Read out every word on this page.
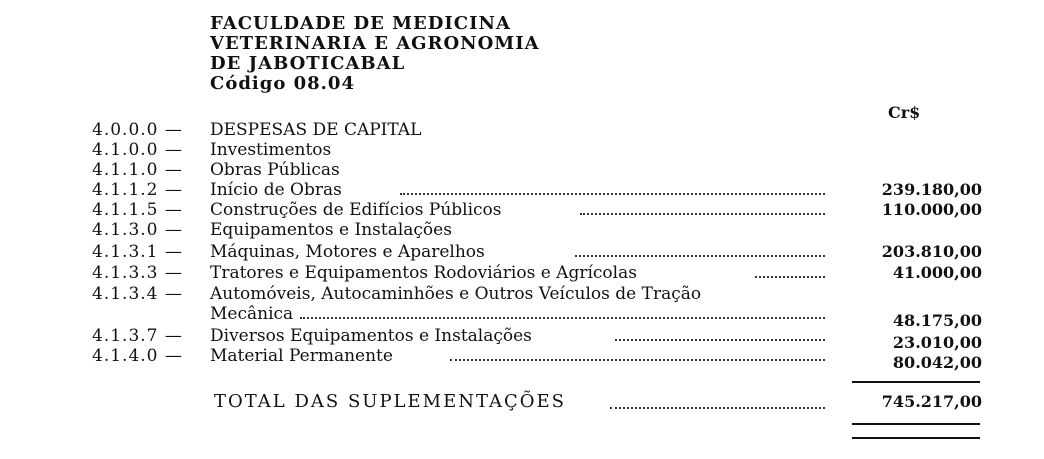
FACULDADE DE MEDICINA
VETERINARIA E AGRONOMIA
DE JABOTICABAL
Código 08.04
Cr$
4.0.0.0 — DESPESAS DE CAPITAL
4.1.0.0 — Investimentos
4.1.1.0 — Obras Públicas
4.1.1.2 — Início de Obras	239.180,00
4.1.1.5 — Construções de Edifícios Públicos	110.000,00
4.1.3.0 — Equipamentos e Instalações
4.1.3.1 — Máquinas, Motores e Aparelhos	203.810,00
4.1.3.3 — Tratores e Equipamentos Rodoviários e Agrícolas	41.000,00
4.1.3.4 — Automóveis, Autocaminhões e Outros Veículos de Tração
Mecânica	48.175,00
4.1.3.7 — Diversos Equipamentos e Instalações	23.010,00
4.1.4.0 — Material Permanente	80.042,00
TOTAL DAS SUPLEMENTAÇÕES	745.217,00
